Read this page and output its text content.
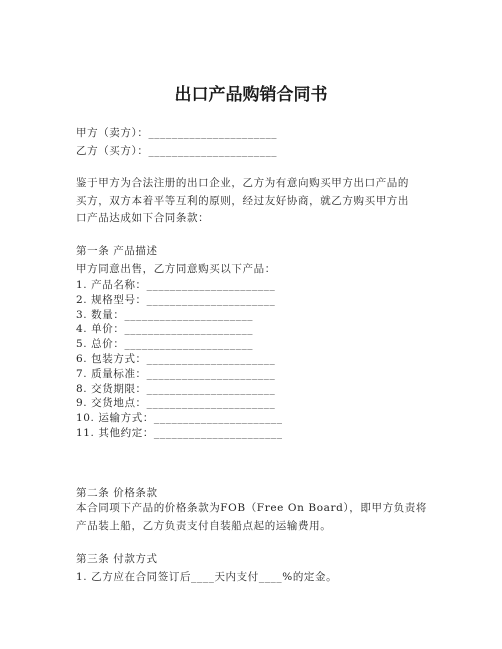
出口产品购销合同书
甲方（卖方）：______________________
乙方（买方）：______________________
鉴于甲方为合法注册的出口企业，乙方为有意向购买甲方出口产品的
买方，双方本着平等互利的原则，经过友好协商，就乙方购买甲方出
口产品达成如下合同条款：
第一条 产品描述
甲方同意出售，乙方同意购买以下产品：
1. 产品名称：______________________
2. 规格型号：______________________
3. 数量：______________________
4. 单价：______________________
5. 总价：______________________
6. 包装方式：______________________
7. 质量标准：______________________
8. 交货期限：______________________
9. 交货地点：______________________
10. 运输方式：______________________
11. 其他约定：______________________
第二条 价格条款
本合同项下产品的价格条款为FOB（Free On Board），即甲方负责将
产品装上船，乙方负责支付自装船点起的运输费用。
第三条 付款方式
1. 乙方应在合同签订后____天内支付____%的定金。
